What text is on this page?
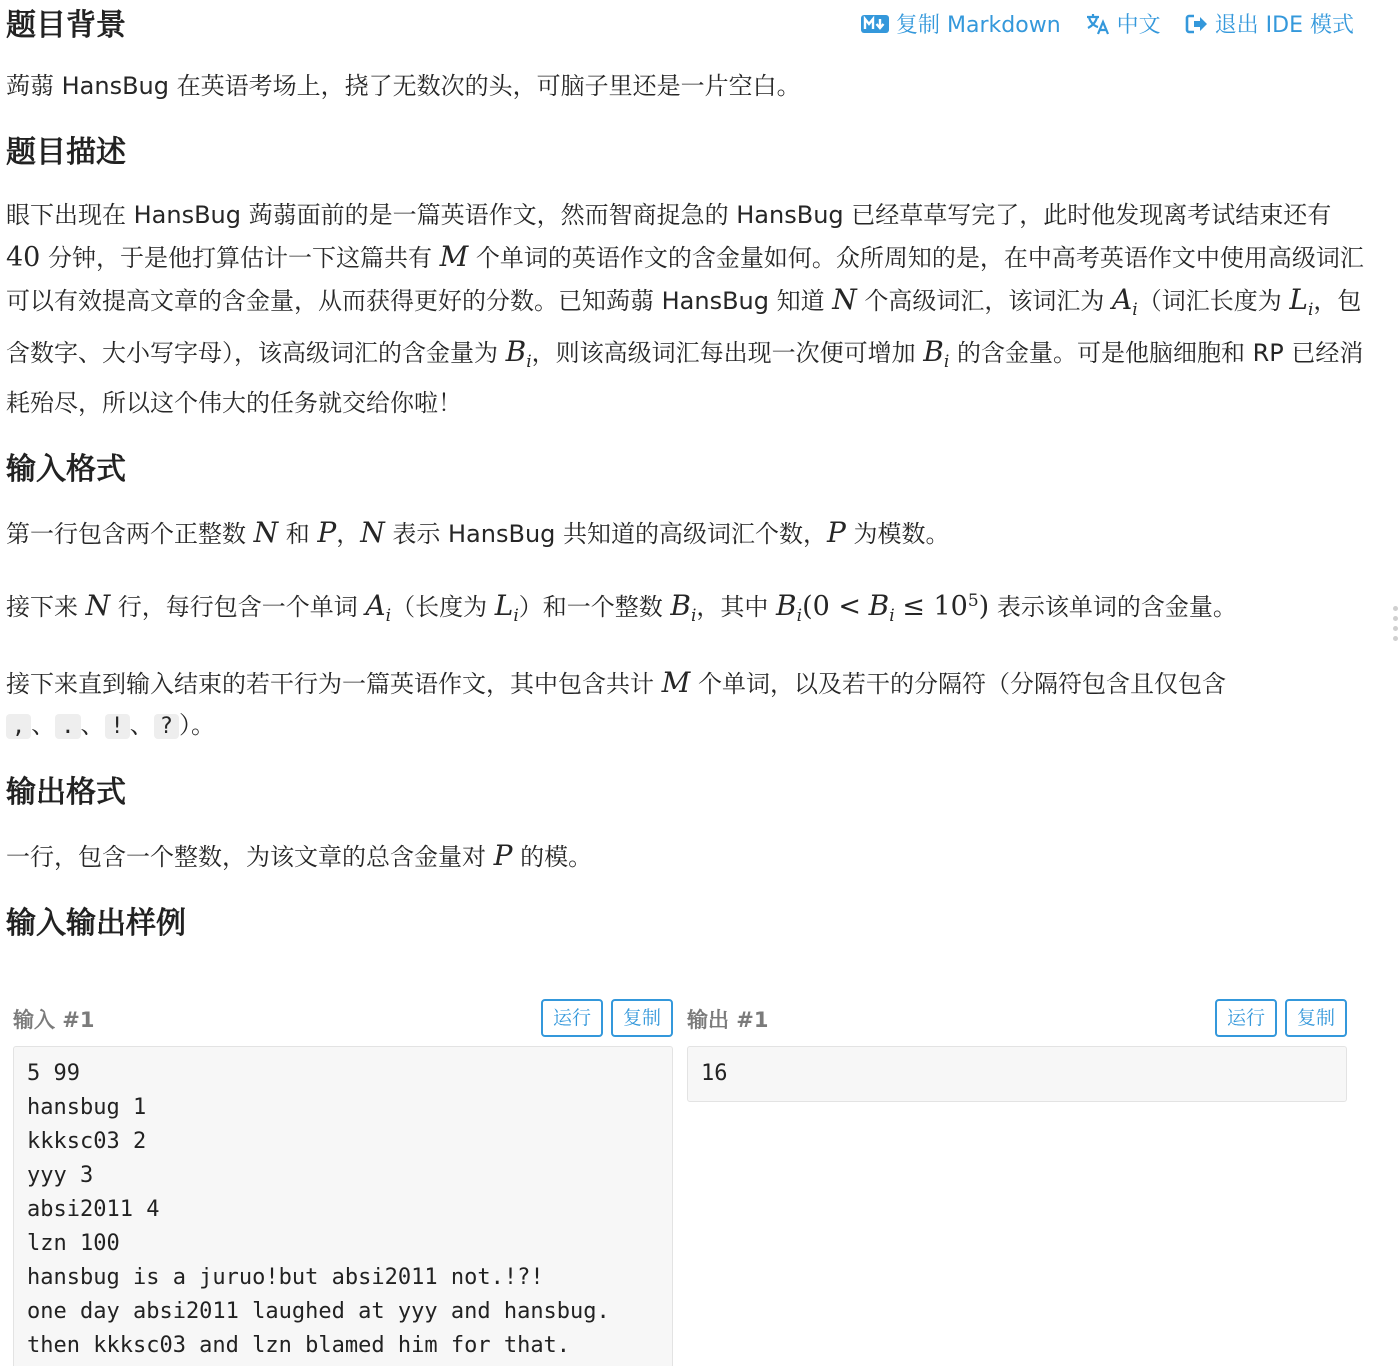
复制 Markdown	中文 退出 IDE 模式
题目背景

蒟蒻 HansBug 在英语考场上，挠了无数次的头，可脑子里还是一片空白。

题目描述

眼下出现在 HansBug 蒟蒻面前的是一篇英语作文，然而智商捉急的 HansBug 已经草草写完了，此时他发现离考试结束还有 40 分钟，于是他打算估计一下这篇共有 M 个单词的英语作文的含金量如何。众所周知的是，在中高考英语作文中使用高级词汇可以有效提高文章的含金量，从而获得更好的分数。已知蒟蒻 HansBug 知道 N 个高级词汇，该词汇为 $A_i$（词汇长度为 $L_i$，包含数字、大小写字母），该高级词汇的含金量为 $B_i$，则该高级词汇每出现一次便可增加 $B_i$ 的含金量。可是他脑细胞和 RP 已经消耗殆尽，所以这个伟大的任务就交给你啦！

输入格式

第一行包含两个正整数 N 和 P，N 表示 HansBug 共知道的高级词汇个数，P 为模数。

接下来 N 行，每行包含一个单词 $A_i$（长度为 $L_i$）和一个整数 $B_i$，其中 $B_i(0 < B_i \le 10^5)$ 表示该单词的含金量。

接下来直到输入结束的若干行为一篇英语作文，其中包含共计 M 个单词，以及若干的分隔符（分隔符包含且仅包含 , 、 . 、 ! 、 ? ）。

输出格式

一行，包含一个整数，为该文章的总含金量对 P 的模。

输入输出样例
输入 #1	运行	复制
5 99
hansbug 1
kkksc03 2
yyy 3
absi2011 4
lzn 100
hansbug is a juruo!but absi2011 not.!?!
one day absi2011 laughed at yyy and hansbug.
then kkksc03 and lzn blamed him for that.
输出 #1	运行	复制
16
